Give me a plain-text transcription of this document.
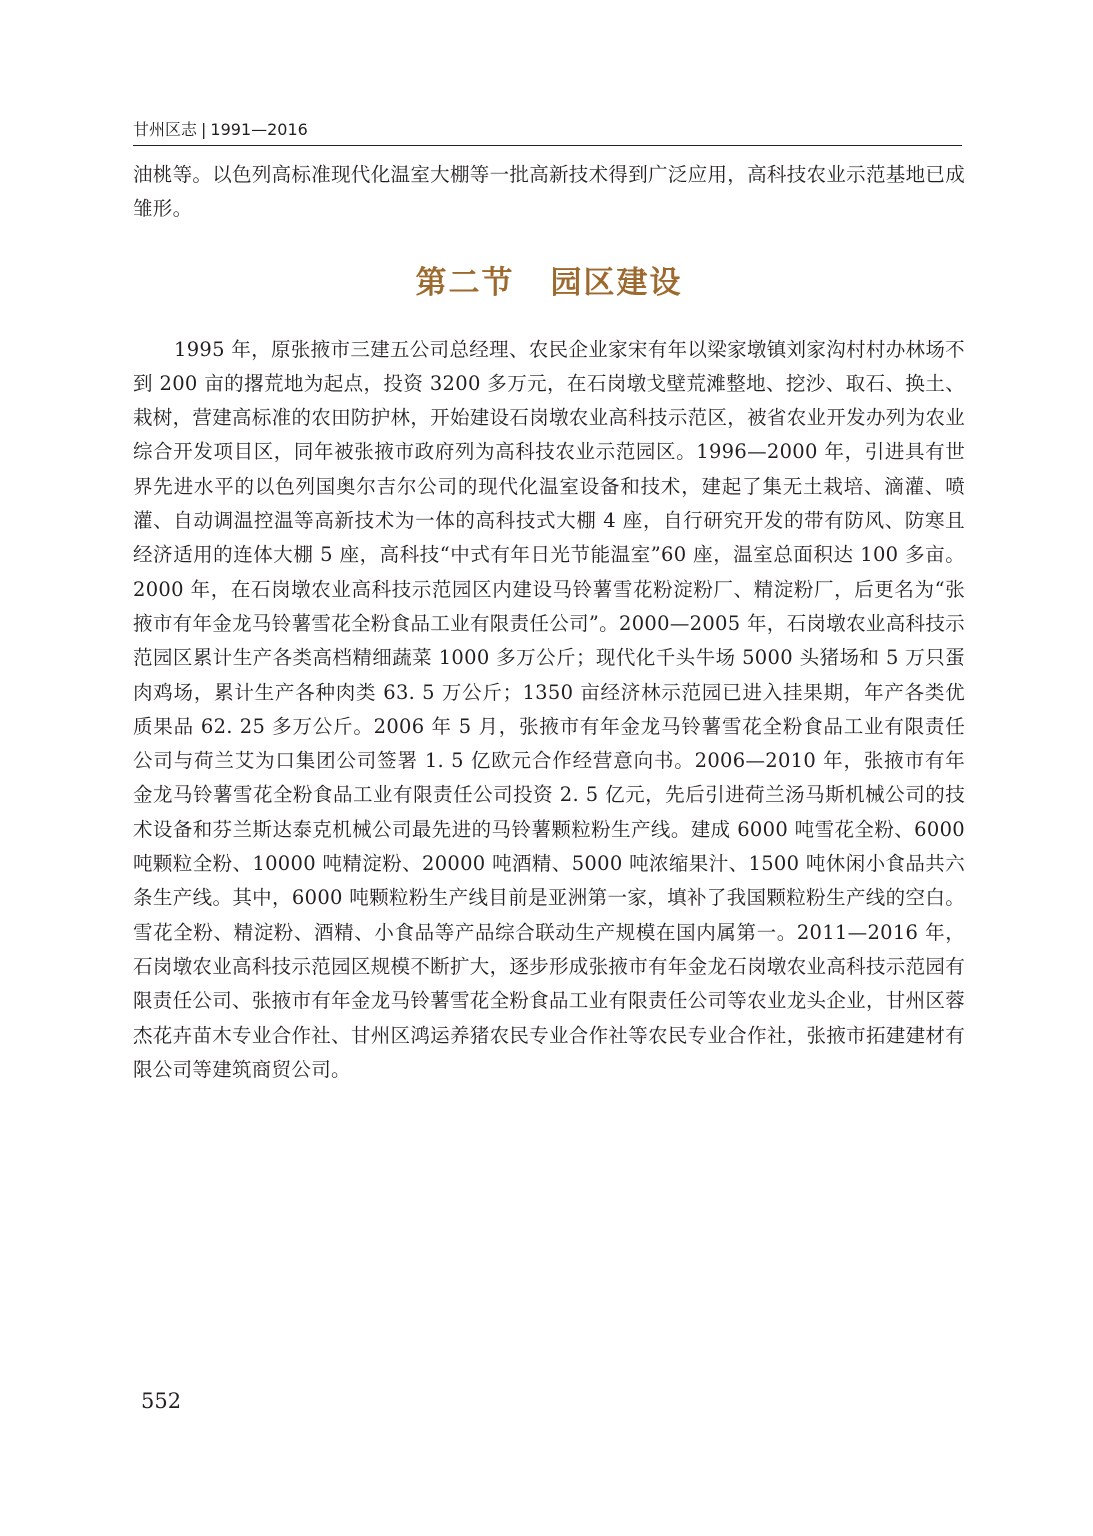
甘州区志 | 1991—2016

油桃等。以色列高标准现代化温室大棚等一批高新技术得到广泛应用，高科技农业示范基地已成雏形。

第二节 园区建设

1995 年，原张掖市三建五公司总经理、农民企业家宋有年以梁家墩镇刘家沟村村办林场不到 200 亩的撂荒地为起点，投资 3200 多万元，在石岗墩戈壁荒滩整地、挖沙、取石、换土、栽树，营建高标准的农田防护林，开始建设石岗墩农业高科技示范区，被省农业开发办列为农业综合开发项目区，同年被张掖市政府列为高科技农业示范园区。1996—2000 年，引进具有世界先进水平的以色列国奥尔吉尔公司的现代化温室设备和技术，建起了集无土栽培、滴灌、喷灌、自动调温控温等高新技术为一体的高科技式大棚 4 座，自行研究开发的带有防风、防寒且经济适用的连体大棚 5 座，高科技“中式有年日光节能温室”60 座，温室总面积达 100 多亩。2000 年，在石岗墩农业高科技示范园区内建设马铃薯雪花粉淀粉厂、精淀粉厂，后更名为“张掖市有年金龙马铃薯雪花全粉食品工业有限责任公司”。2000—2005 年，石岗墩农业高科技示范园区累计生产各类高档精细蔬菜 1000 多万公斤；现代化千头牛场 5000 头猪场和 5 万只蛋肉鸡场，累计生产各种肉类 63. 5 万公斤；1350 亩经济林示范园已进入挂果期，年产各类优质果品 62. 25 多万公斤。2006 年 5 月，张掖市有年金龙马铃薯雪花全粉食品工业有限责任公司与荷兰艾为口集团公司签署 1. 5 亿欧元合作经营意向书。2006—2010 年，张掖市有年金龙马铃薯雪花全粉食品工业有限责任公司投资 2. 5 亿元，先后引进荷兰汤马斯机械公司的技术设备和芬兰斯达泰克机械公司最先进的马铃薯颗粒粉生产线。建成 6000 吨雪花全粉、6000 吨颗粒全粉、10000 吨精淀粉、20000 吨酒精、5000 吨浓缩果汁、1500 吨休闲小食品共六条生产线。其中，6000 吨颗粒粉生产线目前是亚洲第一家，填补了我国颗粒粉生产线的空白。雪花全粉、精淀粉、酒精、小食品等产品综合联动生产规模在国内属第一。2011—2016 年，石岗墩农业高科技示范园区规模不断扩大，逐步形成张掖市有年金龙石岗墩农业高科技示范园有限责任公司、张掖市有年金龙马铃薯雪花全粉食品工业有限责任公司等农业龙头企业，甘州区蓉杰花卉苗木专业合作社、甘州区鸿运养猪农民专业合作社等农民专业合作社，张掖市拓建建材有限公司等建筑商贸公司。

552
